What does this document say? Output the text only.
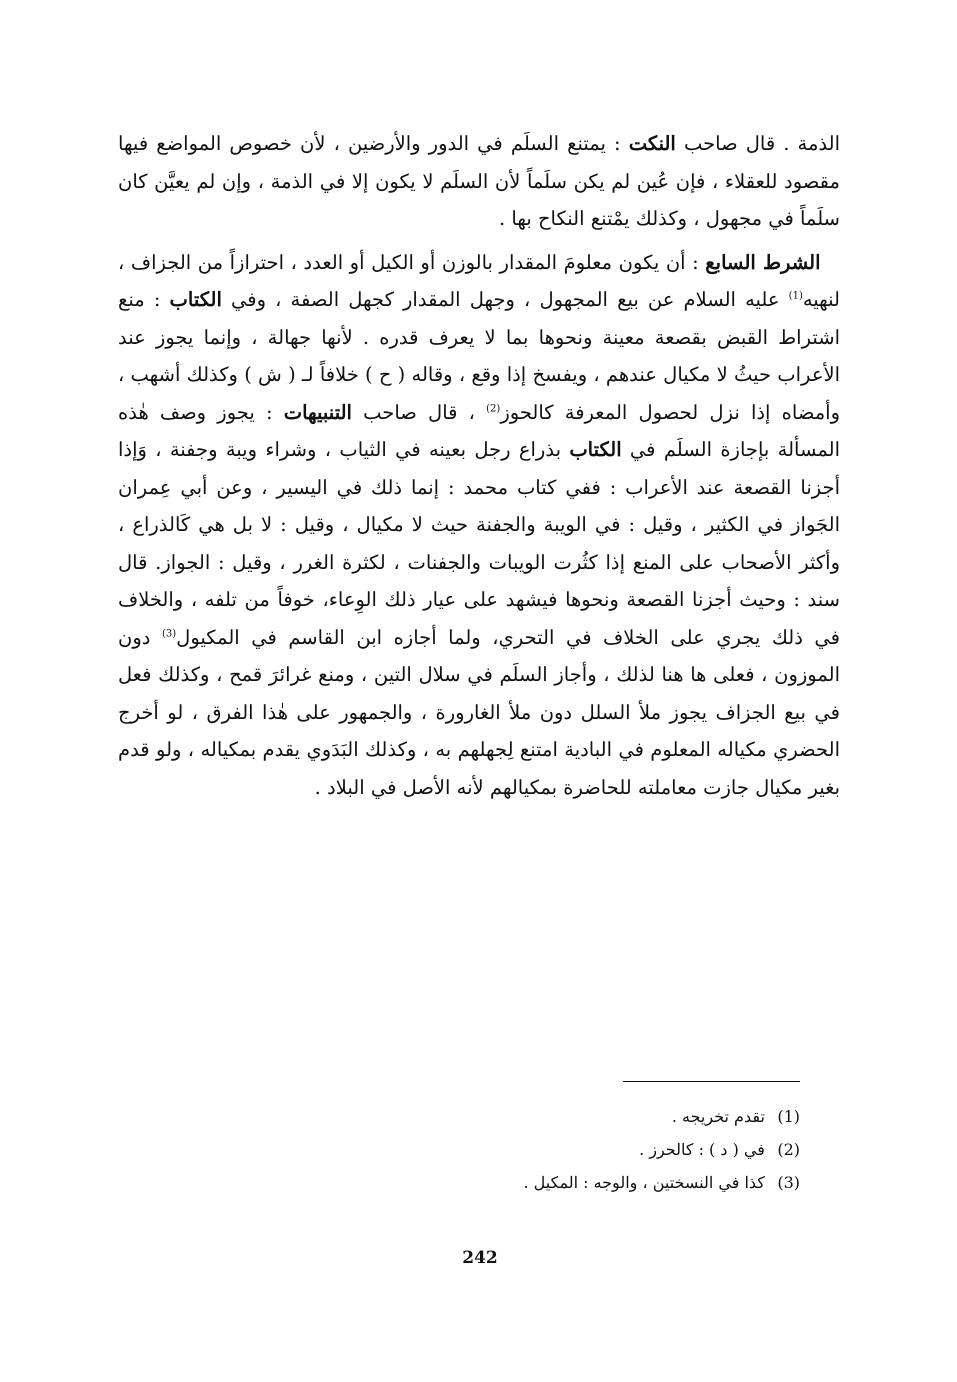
الذمة . قال صاحب النكت : يمتنع السلَم في الدور والأرضين ، لأن خصوص المواضع فيها مقصود للعقلاء ، فإن عُين لم يكن سلَماً لأن السلَم لا يكون إلا في الذمة ، وإن لم يعيَّن كان سلَماً في مجهول ، وكذلك يمْتنع النكاح بها .

 الشرط السابع : أن يكون معلومَ المقدار بالوزن أو الكيل أو العدد ، احترازاً من الجزاف ، لنهيه$^{(1)}$ عليه السلام عن بيع المجهول ، وجهل المقدار كجهل الصفة ، وفي الكتاب : منع اشتراط القبض بقصعة معينة ونحوها بما لا يعرف قدره . لأنها جهالة ، وإنما يجوز عند الأعراب حيثُ لا مكيال عندهم ، ويفسخ إذا وقع ، وقاله ( ح ) خلافاً لـ ( ش ) وكذلك أشهب ، وأمضاه إذا نزل لحصول المعرفة كالحوز$^{(2)}$ ، قال صاحب التنبيهات : يجوز وصف هٰذه المسألة بإجازة السلَم في الكتاب بذراع رجل بعينه في الثياب ، وشراء ويبة وجفنة ، وَإذا أجزنا القصعة عند الأعراب : ففي كتاب محمد : إنما ذلك في اليسير ، وعن أبي عِمران الجَواز في الكثير ، وقيل : في الويبة والجفنة حيث لا مكيال ، وقيل : لا بل هي كَالذراع ، وأكثر الأصحاب على المنع إذا كثُرت الويبات والجفنات ، لكثرة الغرر ، وقيل : الجواز. قال سند : وحيث أجزنا القصعة ونحوها فيشهد على عيار ذلك الوِعاء، خوفاً من تلفه ، والخلاف في ذلك يجري على الخلاف في التحري، ولما أجازه ابن القاسم في المكيول$^{(3)}$ دون الموزون ، فعلى ها هنا لذلك ، وأجاز السلَم في سلال التين ، ومنع غرائرَ قمح ، وكذلك فعل في بيع الجزاف يجوز ملأ السلل دون ملأ الغارورة ، والجمهور على هٰذا الفرق ، لو أخرج الحضري مكياله المعلوم في البادية امتنع لِجهلهم به ، وكذلك البَدَوي يقدم بمكياله ، ولو قدم بغير مكيال جازت معاملته للحاضرة بمكيالهم لأنه الأصل في البلاد .

(1) تقدم تخريجه .
(2) في ( د ) : كالحرز .
(3) كذا في النسختين ، والوجه : المكيل .
242
